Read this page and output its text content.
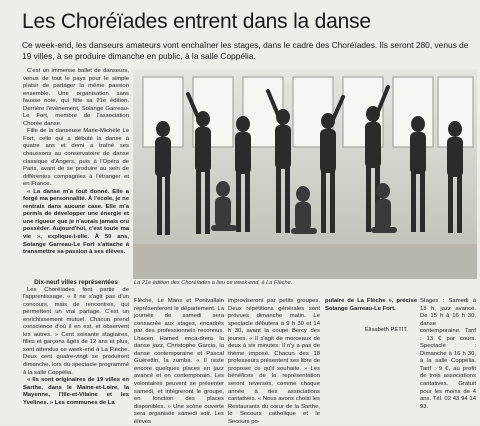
Les Choréïades entrent dans la danse
Ce week-end, les danseurs amateurs vont enchaîner les stages, dans le cadre des Choréïades. Ils seront 280, venus de 19 villes, à se produire dimanche en public, à la salle Coppélia.

C'est un immense ballet de danseurs, venus de tout le pays pour le simple plaisir de partager la même passion ensemble. Une organisation sans fausse note, qui fête sa 21e édition. Derrière l'événement, Solange Garreau-Le Fort, membre de l'association Chorée danse.

Fille de la danseuse Marie-Michèle Le Fort, celle qui a débuté la danse à quatre ans et demi a traîné ses chaussons au conservatoire de danse classique d'Angers, puis à l'Opéra de Paris, avant de se produire au sein de différentes compagnies à l'étranger et en France.

« La danse m'a tout donné. Elle a forgé ma personnalité. À l'école, je ne rentrais dans aucune case. Elle m'a permis de développer une énergie et une rigueur que je n'aurais jamais cru posséder. Aujourd'hui, c'est toute ma vie », explique-t-elle. À 50 ans, Solange Garreau-Le Fort s'attache à transmettre sa passion à ses élèves.

Dix-neuf villes représentées

Les Choréïades font partie de l'apprentissage. « Il ne s'agit pas d'un concours, mais de rencontres, qui permettent un vrai partage. C'est un enrichissement mutuel. Chacun prend conscience d'où il en est, et observent les autres. » Cent soixante stagiaires, filles et garçons âgés de 12 ans et plus, sont attendus ce week-end à La Flèche. Deux cent quatre-vingt se produiront dimanche, lors du spectacle programmé à la salle Coppélia.

« Ils sont originaires de 19 villes en Sarthe, dans le Maine-et-Loire, la Mayenne, l'Ille-et-Vilaine et les Yvelines. » Les communes de La

La 21e édition des Choréïades a lieu ce week-end, à La Flèche.

Flèche, Le Mans et Pontvallain représenteront le département. La journée de samedi sera consacrée aux stages, encadrés par des professionnels reconnus. Lhacen Hamed enca-drera la danse jazz, Christophe Garcia, la danse contemporaine et Pascal Guérettin, la zumba. « Il reste encore quelques places en jazz avancé et en contemporain. Les volontaires peuvent se présenter samedi, et intégreront le groupe, en fonction des places disponibles. » Une scène ouverte sera organisée samedi soir. Les élèves

improviseront par petits groupes. Deux répétitions générales sont prévues dimanche matin. Le spectacle débutera à 9 h 30 et 14 h 30, avant la coupe Bercy des jeunes. « Il s'agit de morceaux de deux à six minutes. Il n'y a pas de thème imposé. Chacun des 18 professeurs présentent ses libre de proposer ce qu'il souhaite. » Les bénéfices de la représentation seront reversés, comme chaque année à des associations caritatives. « Nous avons choisi les Restaurants du cœur de la Sarthe, le Secours catholique et le Secours po-

pulaire de La Flèche », précise Solange Garreau-Le Fort.

Élisabeth PETIT.

Stages : Samedi à 13 h, jazz avancé. De 15 h à 16 h 30, danse contemporaine. Tarif : 13 € par cours. Spectacle : Dimanche à 16 h 30, à la salle Coppélia. Tarif : 9 €, au profit de trois associations caritatives. Gratuit pour les moins de 4 ans. Tél. 02 43 94 14 93.
